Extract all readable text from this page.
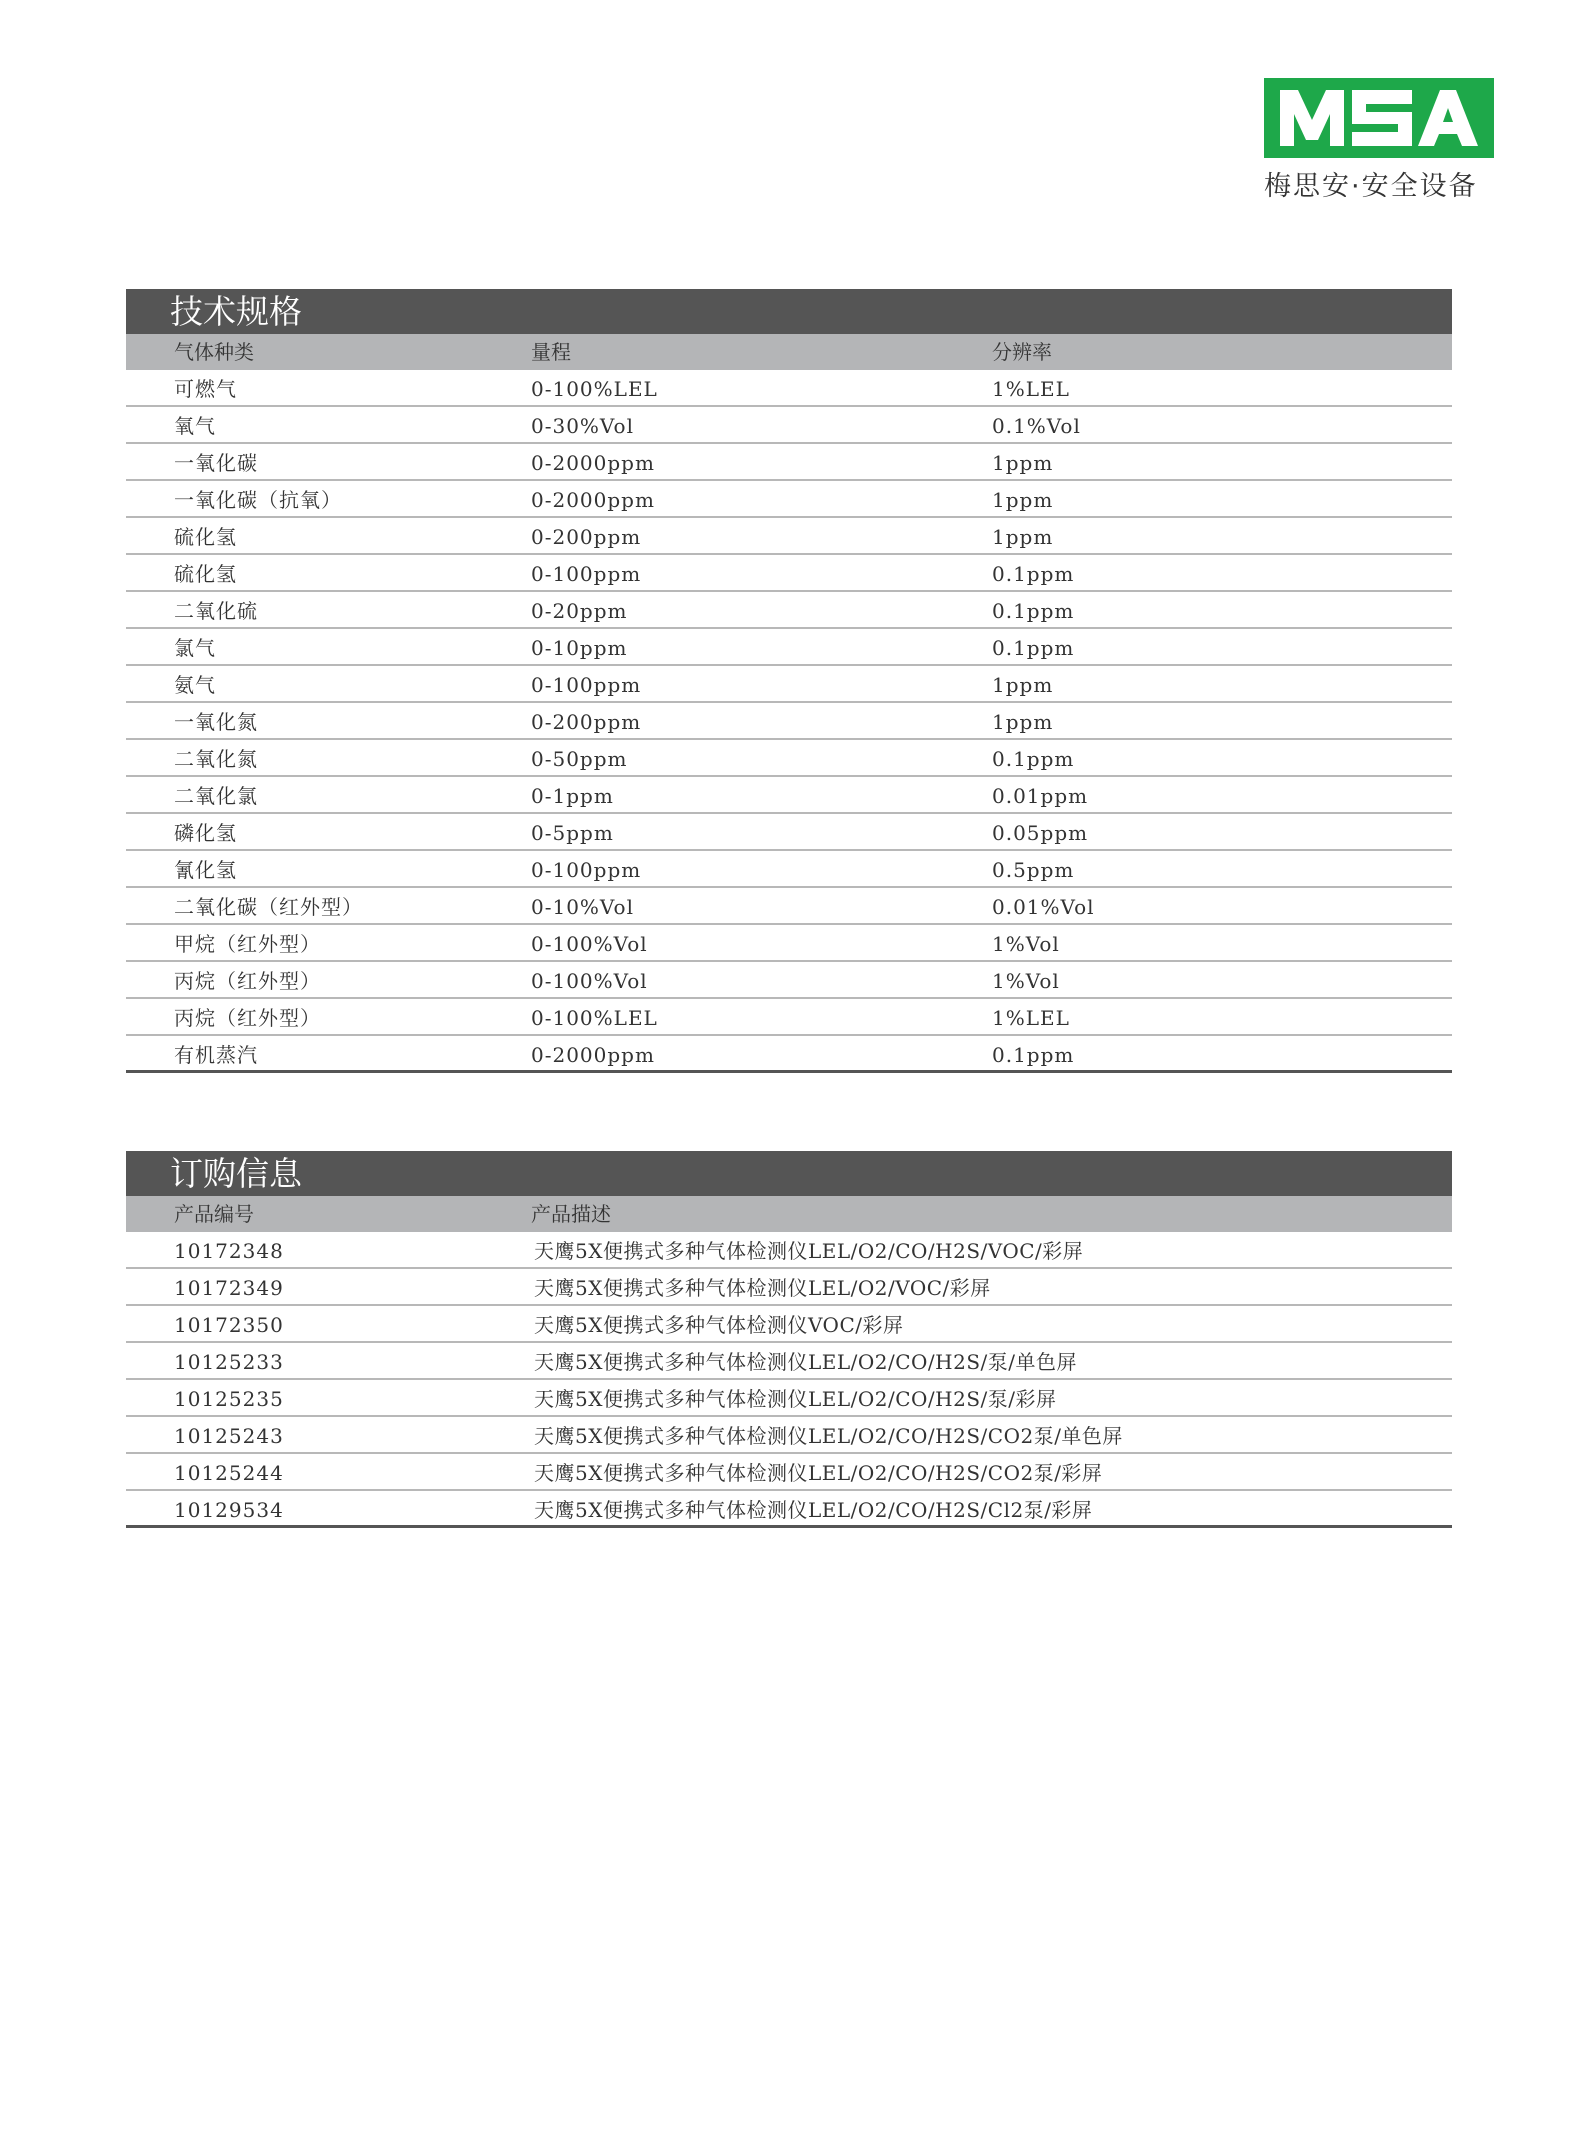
梅思安·安全设备
技术规格
气体种类	量程	分辨率
可燃气	0-100%LEL	1%LEL
氧气	0-30%Vol	0.1%Vol
一氧化碳	0-2000ppm	1ppm
一氧化碳（抗氧）	0-2000ppm	1ppm
硫化氢	0-200ppm	1ppm
硫化氢	0-100ppm	0.1ppm
二氧化硫	0-20ppm	0.1ppm
氯气	0-10ppm	0.1ppm
氨气	0-100ppm	1ppm
一氧化氮	0-200ppm	1ppm
二氧化氮	0-50ppm	0.1ppm
二氧化氯	0-1ppm	0.01ppm
磷化氢	0-5ppm	0.05ppm
氰化氢	0-100ppm	0.5ppm
二氧化碳（红外型）	0-10%Vol	0.01%Vol
甲烷（红外型）	0-100%Vol	1%Vol
丙烷（红外型）	0-100%Vol	1%Vol
丙烷（红外型）	0-100%LEL	1%LEL
有机蒸汽	0-2000ppm	0.1ppm
订购信息
产品编号	产品描述
10172348	天鹰5X便携式多种气体检测仪LEL/O2/CO/H2S/VOC/彩屏
10172349	天鹰5X便携式多种气体检测仪LEL/O2/VOC/彩屏
10172350	天鹰5X便携式多种气体检测仪VOC/彩屏
10125233	天鹰5X便携式多种气体检测仪LEL/O2/CO/H2S/泵/单色屏
10125235	天鹰5X便携式多种气体检测仪LEL/O2/CO/H2S/泵/彩屏
10125243	天鹰5X便携式多种气体检测仪LEL/O2/CO/H2S/CO2泵/单色屏
10125244	天鹰5X便携式多种气体检测仪LEL/O2/CO/H2S/CO2泵/彩屏
10129534	天鹰5X便携式多种气体检测仪LEL/O2/CO/H2S/Cl2泵/彩屏
